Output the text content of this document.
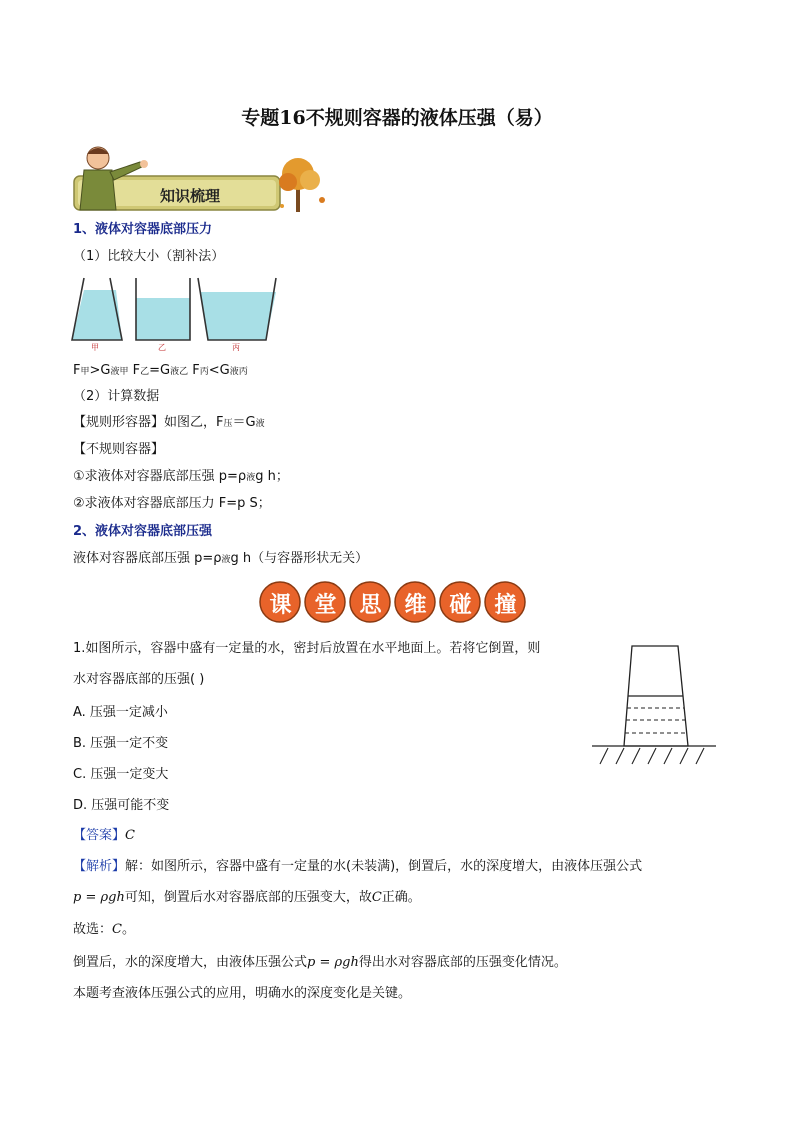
专题16不规则容器的液体压强（易）
知识梳理
1、液体对容器底部压力
（1）比较大小（割补法）
甲	乙	丙
F甲>G液甲 F乙=G液乙 F丙<G液丙
（2）计算数据
【规则形容器】如图乙，F压＝G液
【不规则容器】
①求液体对容器底部压强 p=ρ液g h；
②求液体对容器底部压力 F=p S；
2、液体对容器底部压强
液体对容器底部压强 p=ρ液g h（与容器形状无关）
课	堂	思	维	碰	撞
1.如图所示，容器中盛有一定量的水，密封后放置在水平地面上。若将它倒置，则
水对容器底部的压强( )
A. 压强一定减小
B. 压强一定不变
C. 压强一定变大
D. 压强可能不变
【答案】C
【解析】解：如图所示，容器中盛有一定量的水(未装满)，倒置后，水的深度增大，由液体压强公式
p = ρgh可知，倒置后水对容器底部的压强变大，故C正确。
故选：C。
倒置后，水的深度增大，由液体压强公式p = ρgh得出水对容器底部的压强变化情况。
本题考查液体压强公式的应用，明确水的深度变化是关键。
